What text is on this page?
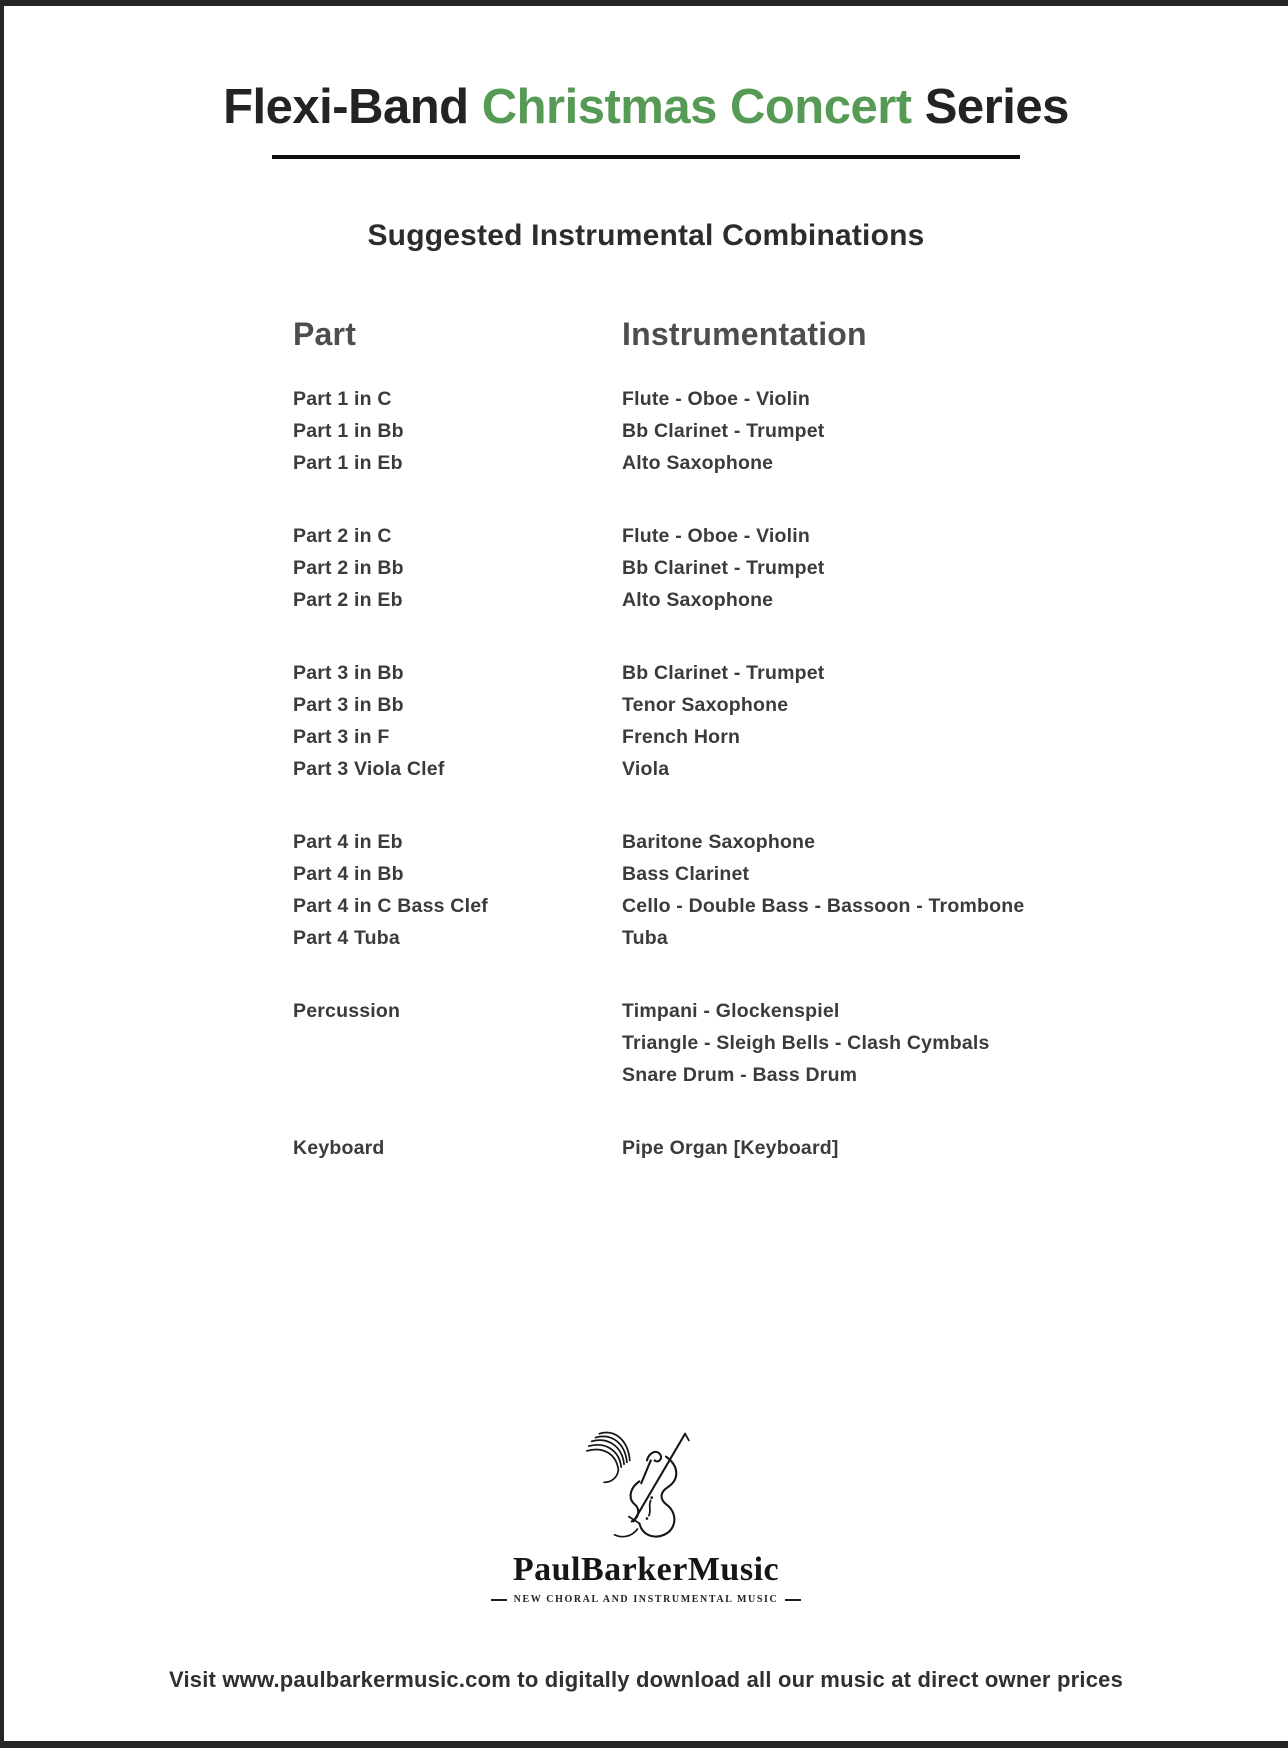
Flexi-Band Christmas Concert Series
Suggested Instrumental Combinations
Part	Instrumentation
Part 1 in C	Flute - Oboe - Violin
Part 1 in Bb	Bb Clarinet - Trumpet
Part 1 in Eb	Alto Saxophone
Part 2 in C	Flute - Oboe - Violin
Part 2 in Bb	Bb Clarinet - Trumpet
Part 2 in Eb	Alto Saxophone
Part 3 in Bb	Bb Clarinet - Trumpet
Part 3 in Bb	Tenor Saxophone
Part 3 in F	French Horn
Part 3 Viola Clef	Viola
Part 4 in Eb	Baritone Saxophone
Part 4 in Bb	Bass Clarinet
Part 4 in C Bass Clef	Cello - Double Bass - Bassoon - Trombone
Part 4 Tuba	Tuba
Percussion	Timpani - Glockenspiel
Triangle - Sleigh Bells - Clash Cymbals
Snare Drum - Bass Drum
Keyboard	Pipe Organ [Keyboard]
PaulBarkerMusic
NEW CHORAL AND INSTRUMENTAL MUSIC
Visit www.paulbarkermusic.com to digitally download all our music at direct owner prices
